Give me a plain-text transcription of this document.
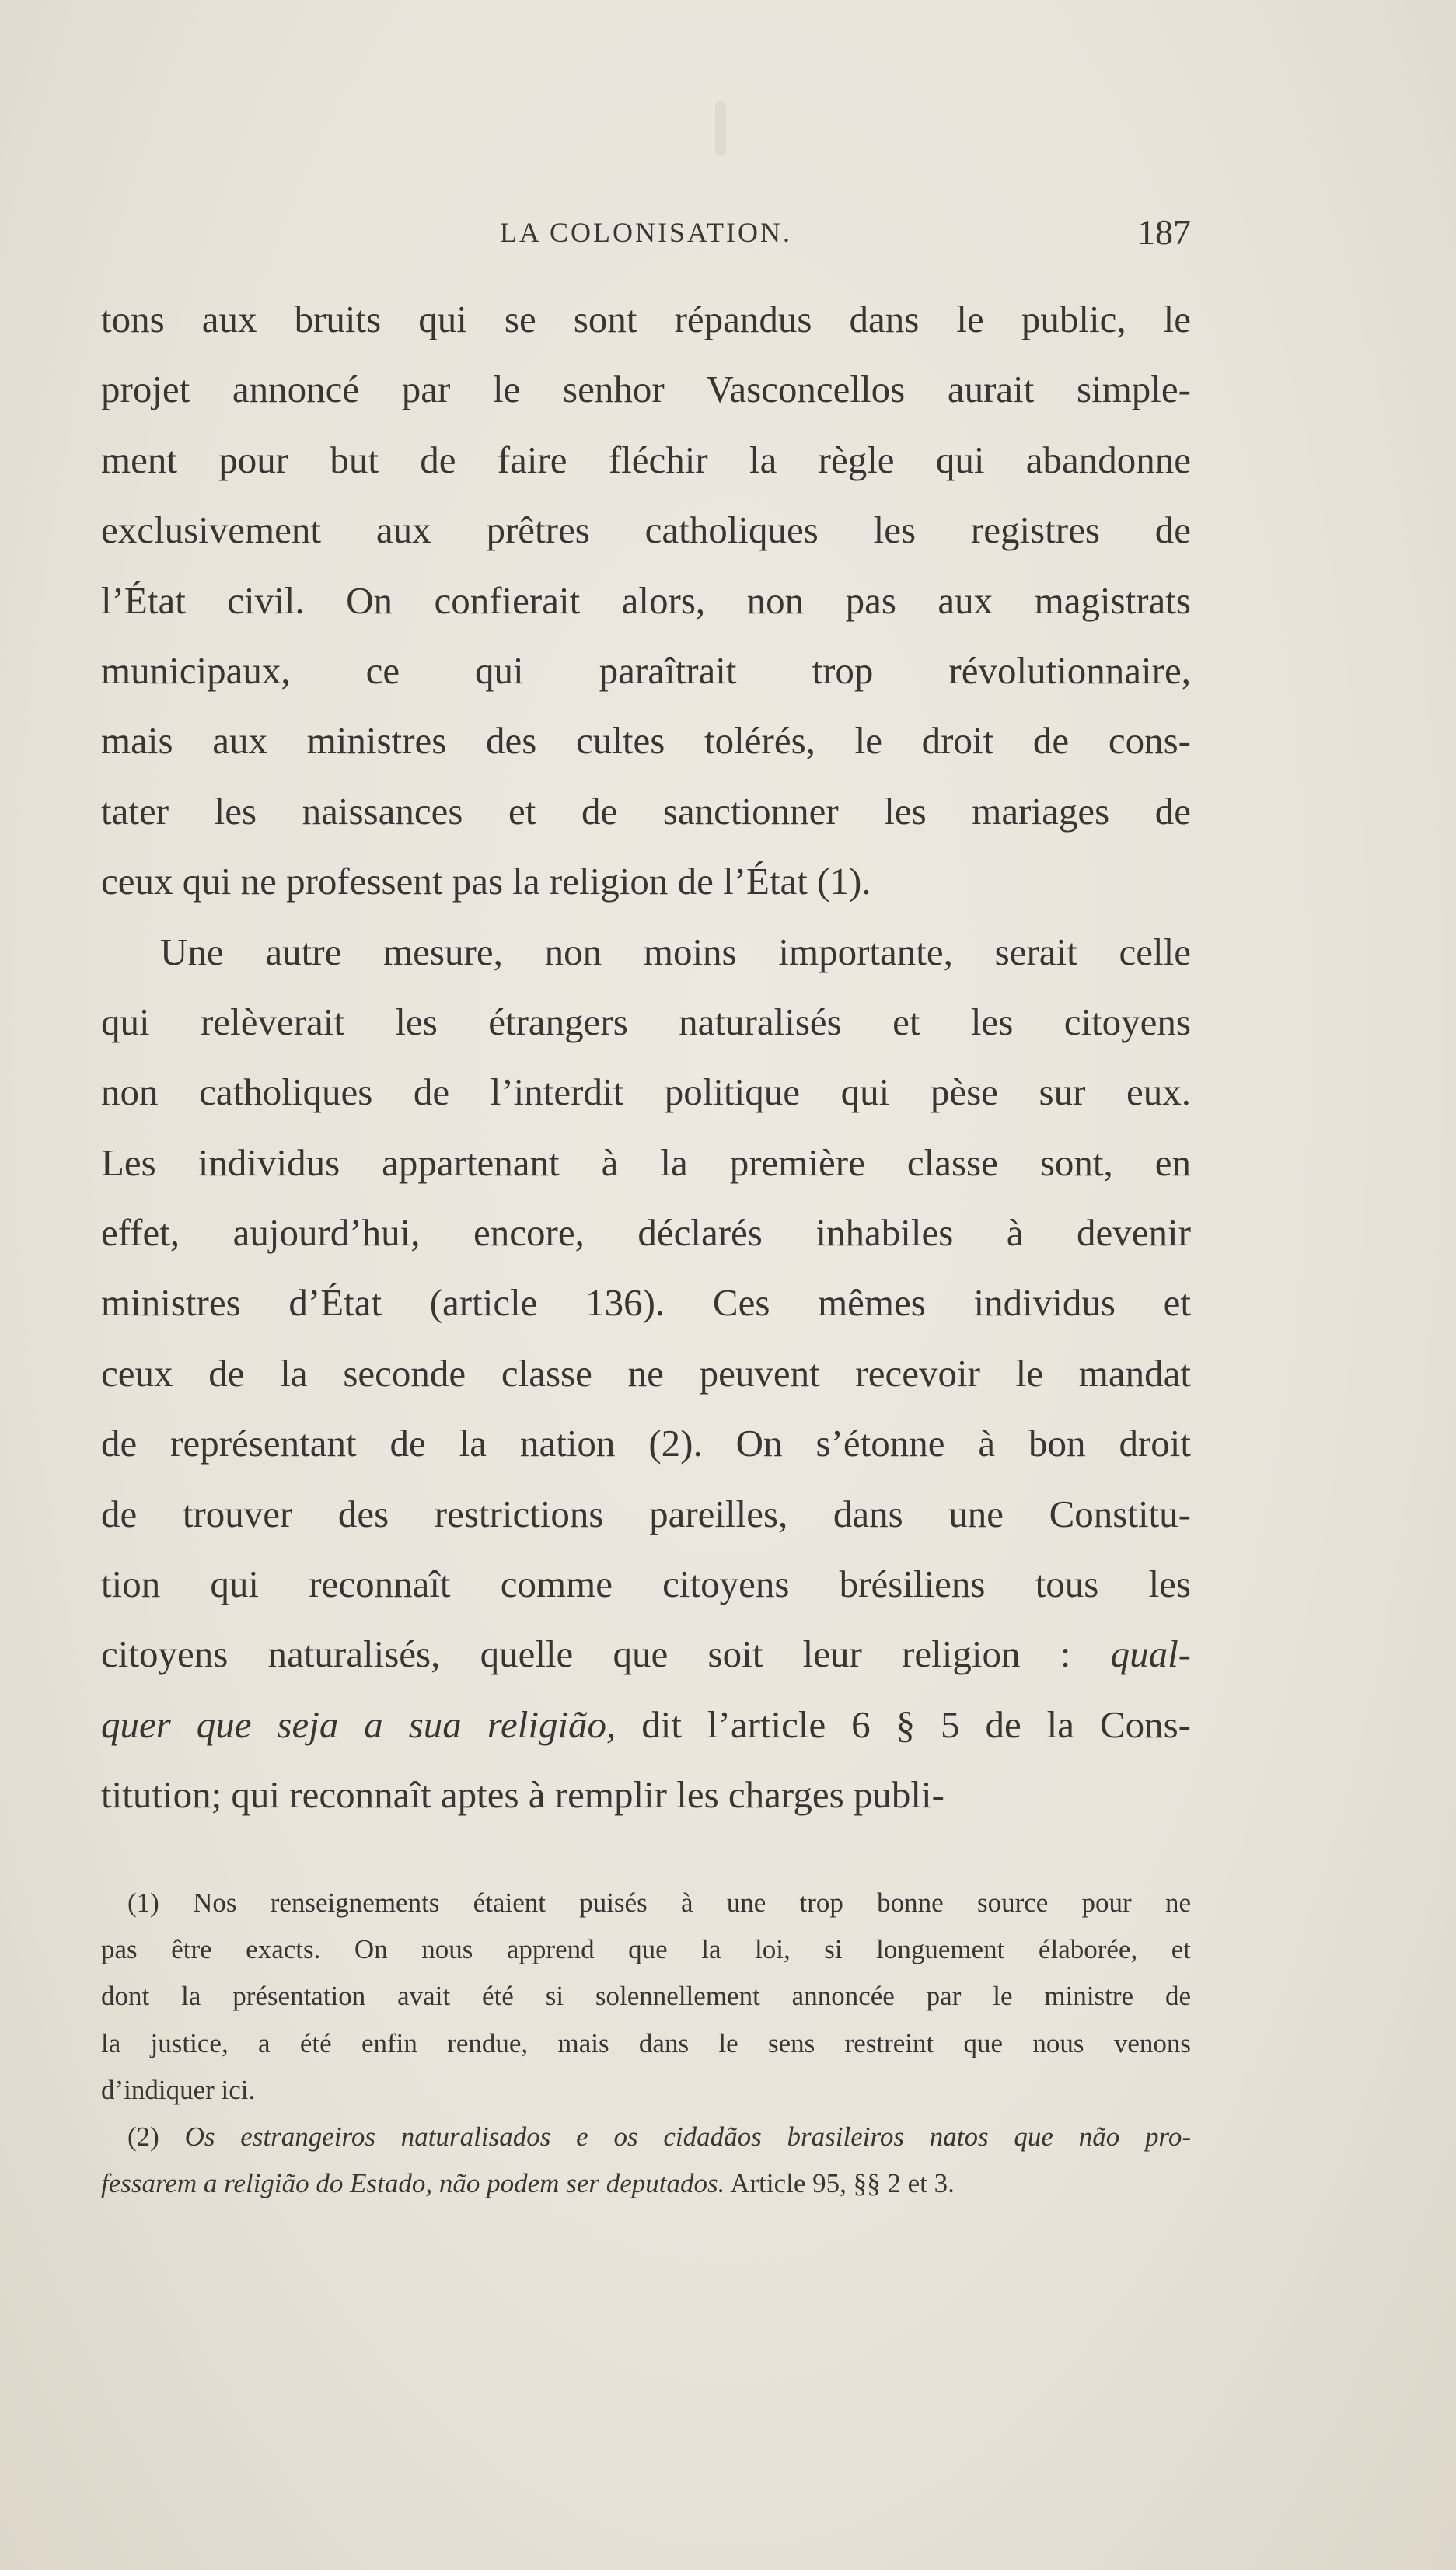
LA COLONISATION.	187
tons aux bruits qui se sont répandus dans le public, le
projet annoncé par le senhor Vasconcellos aurait simple-
ment pour but de faire fléchir la règle qui abandonne
exclusivement aux prêtres catholiques les registres de
l’État civil. On confierait alors, non pas aux magistrats
municipaux, ce qui paraîtrait trop révolutionnaire,
mais aux ministres des cultes tolérés, le droit de cons-
tater les naissances et de sanctionner les mariages de
ceux qui ne professent pas la religion de l’État (1).
Une autre mesure, non moins importante, serait celle
qui relèverait les étrangers naturalisés et les citoyens
non catholiques de l’interdit politique qui pèse sur eux.
Les individus appartenant à la première classe sont, en
effet, aujourd’hui, encore, déclarés inhabiles à devenir
ministres d’État (article 136). Ces mêmes individus et
ceux de la seconde classe ne peuvent recevoir le mandat
de représentant de la nation (2). On s’étonne à bon droit
de trouver des restrictions pareilles, dans une Constitu-
tion qui reconnaît comme citoyens brésiliens tous les
citoyens naturalisés, quelle que soit leur religion : qual-
quer que seja a sua religião, dit l’article 6 § 5 de la Cons-
titution; qui reconnaît aptes à remplir les charges publi-
(1) Nos renseignements étaient puisés à une trop bonne source pour ne
pas être exacts. On nous apprend que la loi, si longuement élaborée, et
dont la présentation avait été si solennellement annoncée par le ministre de
la justice, a été enfin rendue, mais dans le sens restreint que nous venons
d’indiquer ici.
(2) Os estrangeiros naturalisados e os cidadãos brasileiros natos que não pro-
fessarem a religião do Estado, não podem ser deputados. Article 95, §§ 2 et 3.
